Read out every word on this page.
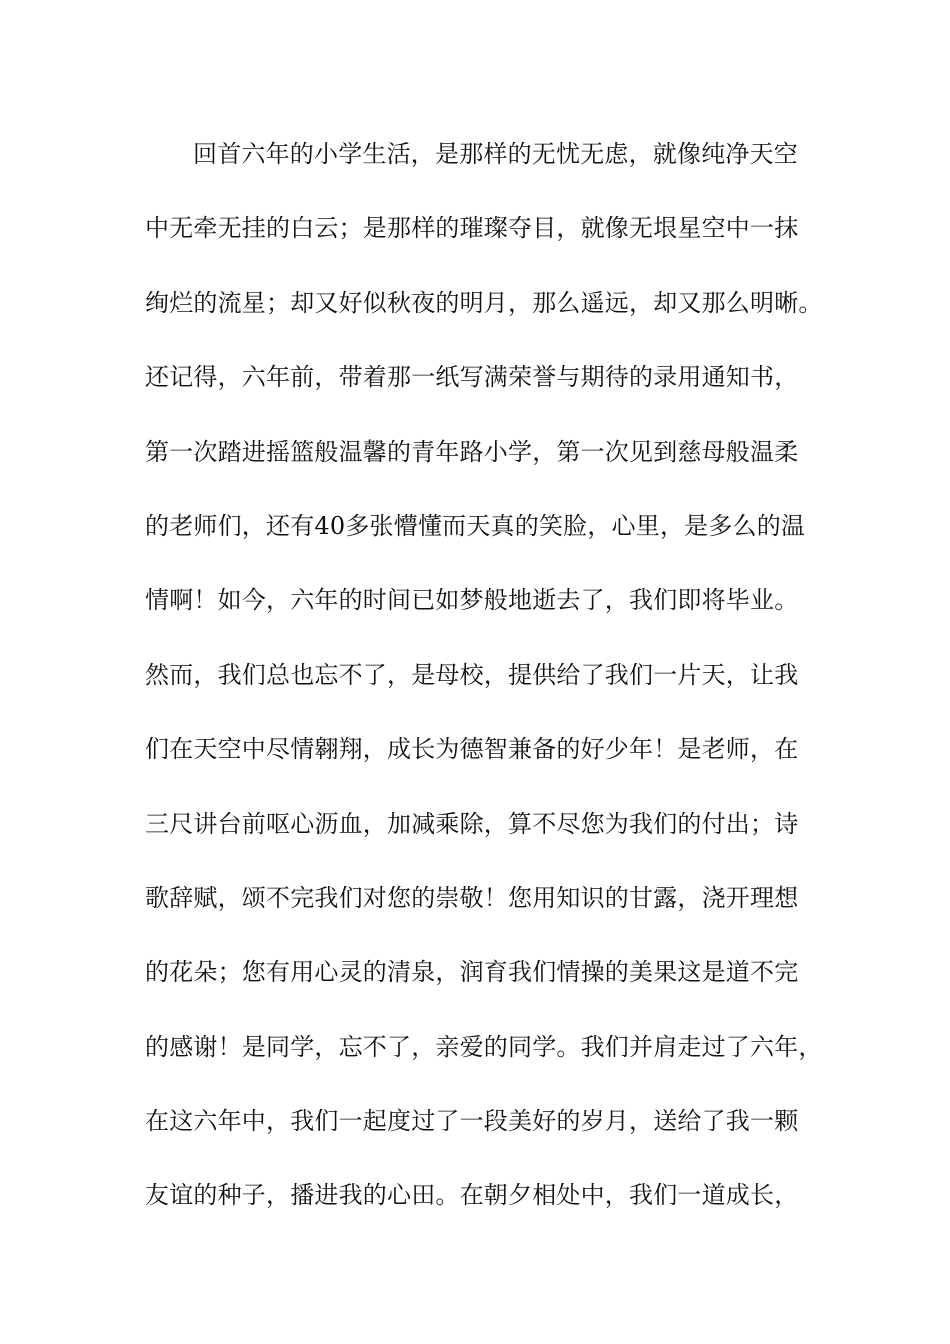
回首六年的小学生活，是那样的无忧无虑，就像纯净天空
中无牵无挂的白云；是那样的璀璨夺目，就像无垠星空中一抹
绚烂的流星；却又好似秋夜的明月，那么遥远，却又那么明晰。
还记得，六年前，带着那一纸写满荣誉与期待的录用通知书，
第一次踏进摇篮般温馨的青年路小学，第一次见到慈母般温柔
的老师们，还有40多张懵懂而天真的笑脸，心里，是多么的温
情啊！如今，六年的时间已如梦般地逝去了，我们即将毕业。
然而，我们总也忘不了，是母校，提供给了我们一片天，让我
们在天空中尽情翱翔，成长为德智兼备的好少年！是老师，在
三尺讲台前呕心沥血，加减乘除，算不尽您为我们的付出；诗
歌辞赋，颂不完我们对您的崇敬！您用知识的甘露，浇开理想
的花朵；您有用心灵的清泉，润育我们情操的美果这是道不完
的感谢！是同学，忘不了，亲爱的同学。我们并肩走过了六年，
在这六年中，我们一起度过了一段美好的岁月，送给了我一颗
友谊的种子，播进我的心田。在朝夕相处中，我们一道成长，
